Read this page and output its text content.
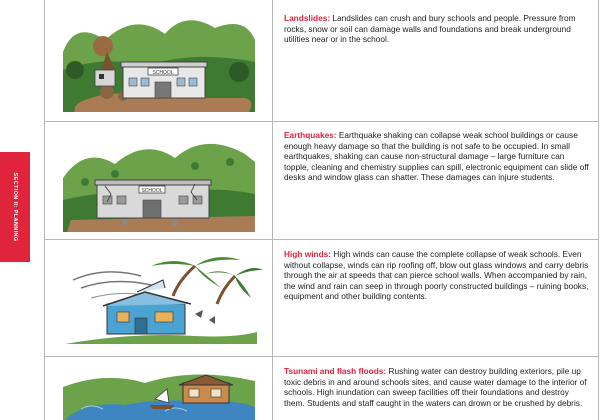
SECTION II: PLANNING
SCHOOL
Landslides: Landslides can crush and bury schools and people. Pressure from rocks, snow or soil can damage walls and foundations and break underground utilities near or in the school.
SCHOOL
Earthquakes: Earthquake shaking can collapse weak school buildings or cause enough heavy damage so that the building is not safe to be occupied. In small earthquakes, shaking can cause non-structural damage – large furniture can topple, cleaning and chemistry supplies can spill, electronic equipment can slide off desks and window glass can shatter. These damages can injure students.
High winds: High winds can cause the complete collapse of weak schools. Even without collapse, winds can rip roofing off, blow out glass windows and carry debris through the air at speeds that can pierce school walls. When accompanied by rain, the wind and rain can seep in through poorly constructed buildings – ruining books, equipment and other building contents.
Tsunami and flash floods: Rushing water can destroy building exteriors, pile up toxic debris in and around schools sites, and cause water damage to the interior of schools. High inundation can sweep facilities off their foundations and destroy them. Students and staff caught in the waters can drown or be crushed by debris.
